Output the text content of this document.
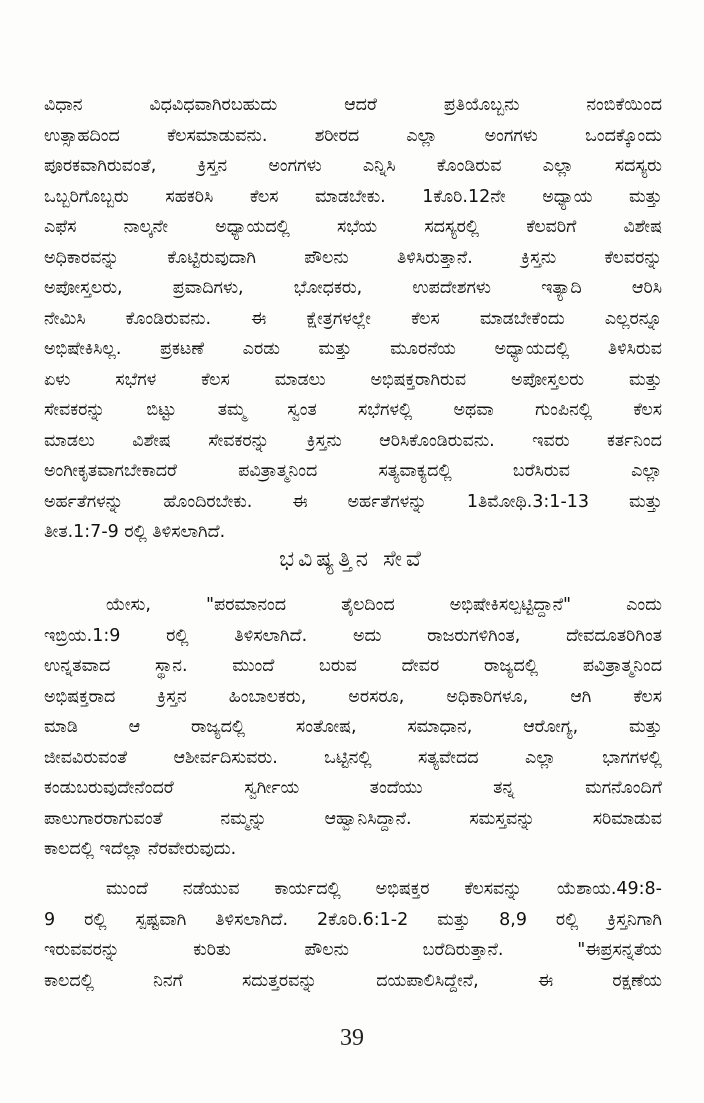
ವಿಧಾನ ವಿಧವಿಧವಾಗಿರಬಹುದು ಆದರೆ ಪ್ರತಿಯೊಬ್ಬನು ನಂಬಿಕೆಯಿಂದ
ಉತ್ಸಾಹದಿಂದ ಕೆಲಸಮಾಡುವನು. ಶರೀರದ ಎಲ್ಲಾ ಅಂಗಗಳು ಒಂದಕ್ಕೊಂದು
ಪೂರಕವಾಗಿರುವಂತೆ, ಕ್ರಿಸ್ತನ ಅಂಗಗಳು ಎನ್ನಿಸಿ ಕೊಂಡಿರುವ ಎಲ್ಲಾ ಸದಸ್ಯರು
ಒಬ್ಬರಿಗೊಬ್ಬರು ಸಹಕರಿಸಿ ಕೆಲಸ ಮಾಡಬೇಕು. 1ಕೊರಿ.12ನೇ ಅಧ್ಯಾಯ ಮತ್ತು
ಎಫೆಸ ನಾಲ್ಕನೇ ಅಧ್ಯಾಯದಲ್ಲಿ ಸಭೆಯ ಸದಸ್ಯರಲ್ಲಿ ಕೆಲವರಿಗೆ ವಿಶೇಷ
ಅಧಿಕಾರವನ್ನು ಕೊಟ್ಟಿರುವುದಾಗಿ ಪೌಲನು ತಿಳಿಸಿರುತ್ತಾನೆ. ಕ್ರಿಸ್ತನು ಕೆಲವರನ್ನು
ಅಪೋಸ್ತಲರು, ಪ್ರವಾದಿಗಳು, ಭೋಧಕರು, ಉಪದೇಶಗಳು ಇತ್ಯಾದಿ ಆರಿಸಿ
ನೇಮಿಸಿ ಕೊಂಡಿರುವನು. ಈ ಕ್ಷೇತ್ರಗಳಲ್ಲೇ ಕೆಲಸ ಮಾಡಬೇಕೆಂದು ಎಲ್ಲರನ್ನೂ
ಅಭಿಷೇಕಿಸಿಲ್ಲ. ಪ್ರಕಟಣೆ ಎರಡು ಮತ್ತು ಮೂರನೆಯ ಅಧ್ಯಾಯದಲ್ಲಿ ತಿಳಿಸಿರುವ
ಏಳು ಸಭೆಗಳ ಕೆಲಸ ಮಾಡಲು ಅಭಿಷಕ್ತರಾಗಿರುವ ಅಪೋಸ್ತಲರು ಮತ್ತು
ಸೇವಕರನ್ನು ಬಿಟ್ಟು ತಮ್ಮ ಸ್ವಂತ ಸಭೆಗಳಲ್ಲಿ ಅಥವಾ ಗುಂಪಿನಲ್ಲಿ ಕೆಲಸ
ಮಾಡಲು ವಿಶೇಷ ಸೇವಕರನ್ನು ಕ್ರಿಸ್ತನು ಆರಿಸಿಕೊಂಡಿರುವನು. ಇವರು ಕರ್ತನಿಂದ
ಅಂಗೀಕೃತವಾಗಬೇಕಾದರೆ ಪವಿತ್ರಾತ್ಮನಿಂದ ಸತ್ಯವಾಕ್ಯದಲ್ಲಿ ಬರೆಸಿರುವ ಎಲ್ಲಾ
ಅರ್ಹತೆಗಳನ್ನು ಹೊಂದಿರಬೇಕು. ಈ ಅರ್ಹತೆಗಳನ್ನು 1ತಿಮೋಥಿ.3:1-13 ಮತ್ತು
ತೀತ.1:7-9 ರಲ್ಲಿ ತಿಳಿಸಲಾಗಿದೆ.
ಭವಿಷ್ಯತ್ತಿನ ಸೇವೆ
ಯೇಸು, "ಪರಮಾನಂದ ತೈಲದಿಂದ ಅಭಿಷೇಕಿಸಲ್ಪಟ್ಟಿದ್ದಾನೆ" ಎಂದು
ಇಬ್ರಿಯ.1:9 ರಲ್ಲಿ ತಿಳಿಸಲಾಗಿದೆ. ಅದು ರಾಜರುಗಳಿಗಿಂತ, ದೇವದೂತರಿಗಿಂತ
ಉನ್ನತವಾದ ಸ್ಥಾನ. ಮುಂದೆ ಬರುವ ದೇವರ ರಾಜ್ಯದಲ್ಲಿ ಪವಿತ್ರಾತ್ಮನಿಂದ
ಅಭಿಷಕ್ತರಾದ ಕ್ರಿಸ್ತನ ಹಿಂಬಾಲಕರು, ಅರಸರೂ, ಅಧಿಕಾರಿಗಳೂ, ಆಗಿ ಕೆಲಸ
ಮಾಡಿ ಆ ರಾಜ್ಯದಲ್ಲಿ ಸಂತೋಷ, ಸಮಾಧಾನ, ಆರೋಗ್ಯ, ಮತ್ತು
ಜೀವವಿರುವಂತೆ ಆಶೀರ್ವದಿಸುವರು. ಒಟ್ಟಿನಲ್ಲಿ ಸತ್ಯವೇದದ ಎಲ್ಲಾ ಭಾಗಗಳಲ್ಲಿ
ಕಂಡುಬರುವುದೇನೆಂದರೆ ಸ್ವರ್ಗೀಯ ತಂದೆಯು ತನ್ನ ಮಗನೊಂದಿಗೆ
ಪಾಲುಗಾರರಾಗುವಂತೆ ನಮ್ಮನ್ನು ಆಹ್ವಾನಿಸಿದ್ದಾನೆ. ಸಮಸ್ತವನ್ನು ಸರಿಮಾಡುವ
ಕಾಲದಲ್ಲಿ ಇದೆಲ್ಲಾ ನೆರವೇರುವುದು.
ಮುಂದೆ ನಡೆಯುವ ಕಾರ್ಯದಲ್ಲಿ ಅಭಿಷಕ್ತರ ಕೆಲಸವನ್ನು ಯೆಶಾಯ.49:8-
9 ರಲ್ಲಿ ಸ್ಪಷ್ಟವಾಗಿ ತಿಳಿಸಲಾಗಿದೆ. 2ಕೊರಿ.6:1-2 ಮತ್ತು 8,9 ರಲ್ಲಿ ಕ್ರಿಸ್ತನಿಗಾಗಿ
ಇರುವವರನ್ನು ಕುರಿತು ಪೌಲನು ಬರೆದಿರುತ್ತಾನೆ. "ಈಪ್ರಸನ್ನತೆಯ
ಕಾಲದಲ್ಲಿ ನಿನಗೆ ಸದುತ್ತರವನ್ನು ದಯಪಾಲಿಸಿದ್ದೇನೆ, ಈ ರಕ್ಷಣೆಯ
39
